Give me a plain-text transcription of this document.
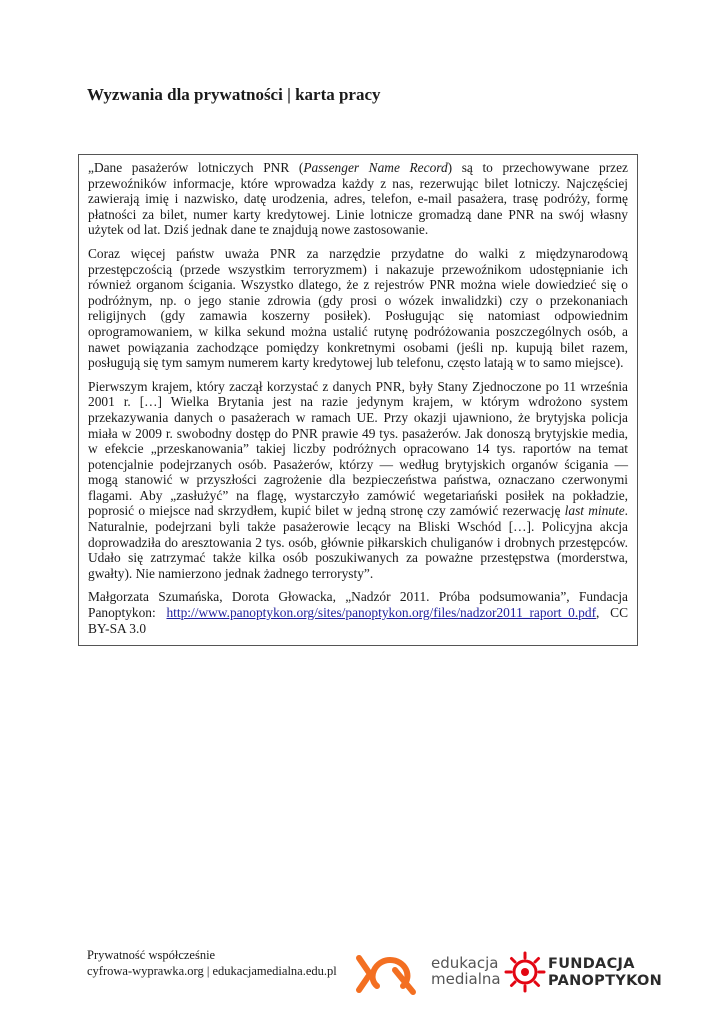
Wyzwania dla prywatności | karta pracy

„Dane pasażerów lotniczych PNR (Passenger Name Record) są to przechowywane przez przewoźników informacje, które wprowadza każdy z nas, rezerwując bilet lotniczy. Najczęściej zawierają imię i nazwisko, datę urodzenia, adres, telefon, e-mail pasażera, trasę podróży, formę płatności za bilet, numer karty kredytowej. Linie lotnicze gromadzą dane PNR na swój własny użytek od lat. Dziś jednak dane te znajdują nowe zastosowanie.

Coraz więcej państw uważa PNR za narzędzie przydatne do walki z międzynarodową przestępczością (przede wszystkim terroryzmem) i nakazuje przewoźnikom udostępnianie ich również organom ścigania. Wszystko dlatego, że z rejestrów PNR można wiele dowiedzieć się o podróżnym, np. o jego stanie zdrowia (gdy prosi o wózek inwalidzki) czy o przekonaniach religijnych (gdy zamawia koszerny posiłek). Posługując się natomiast odpowiednim oprogramowaniem, w kilka sekund można ustalić rutynę podróżowania poszczególnych osób, a nawet powiązania zachodzące pomiędzy konkretnymi osobami (jeśli np. kupują bilet razem, posługują się tym samym numerem karty kredytowej lub telefonu, często latają w to samo miejsce).

Pierwszym krajem, który zaczął korzystać z danych PNR, były Stany Zjednoczone po 11 września 2001 r. […] Wielka Brytania jest na razie jedynym krajem, w którym wdrożono system przekazywania danych o pasażerach w ramach UE. Przy okazji ujawniono, że brytyjska policja miała w 2009 r. swobodny dostęp do PNR prawie 49 tys. pasażerów. Jak donoszą brytyjskie media, w efekcie „przeskanowania” takiej liczby podróżnych opracowano 14 tys. raportów na temat potencjalnie podejrzanych osób. Pasażerów, którzy — według brytyjskich organów ścigania — mogą stanowić w przyszłości zagrożenie dla bezpieczeństwa państwa, oznaczano czerwonymi flagami. Aby „zasłużyć” na flagę, wystarczyło zamówić wegetariański posiłek na pokładzie, poprosić o miejsce nad skrzydłem, kupić bilet w jedną stronę czy zamówić rezerwację last minute. Naturalnie, podejrzani byli także pasażerowie lecący na Bliski Wschód […]. Policyjna akcja doprowadziła do aresztowania 2 tys. osób, głównie piłkarskich chuliganów i drobnych przestępców. Udało się zatrzymać także kilka osób poszukiwanych za poważne przestępstwa (morderstwa, gwałty). Nie namierzono jednak żadnego terrorysty”.

Małgorzata Szumańska, Dorota Głowacka, „Nadzór 2011. Próba podsumowania”, Fundacja Panoptykon: http://www.panoptykon.org/sites/panoptykon.org/files/nadzor2011_raport_0.pdf, CC BY-SA 3.0

Prywatność współcześnie
cyfrowa-wyprawka.org | edukacjamedialna.edu.pl	edukacja
medialna
FUNDACJA
PANOPTYKON
